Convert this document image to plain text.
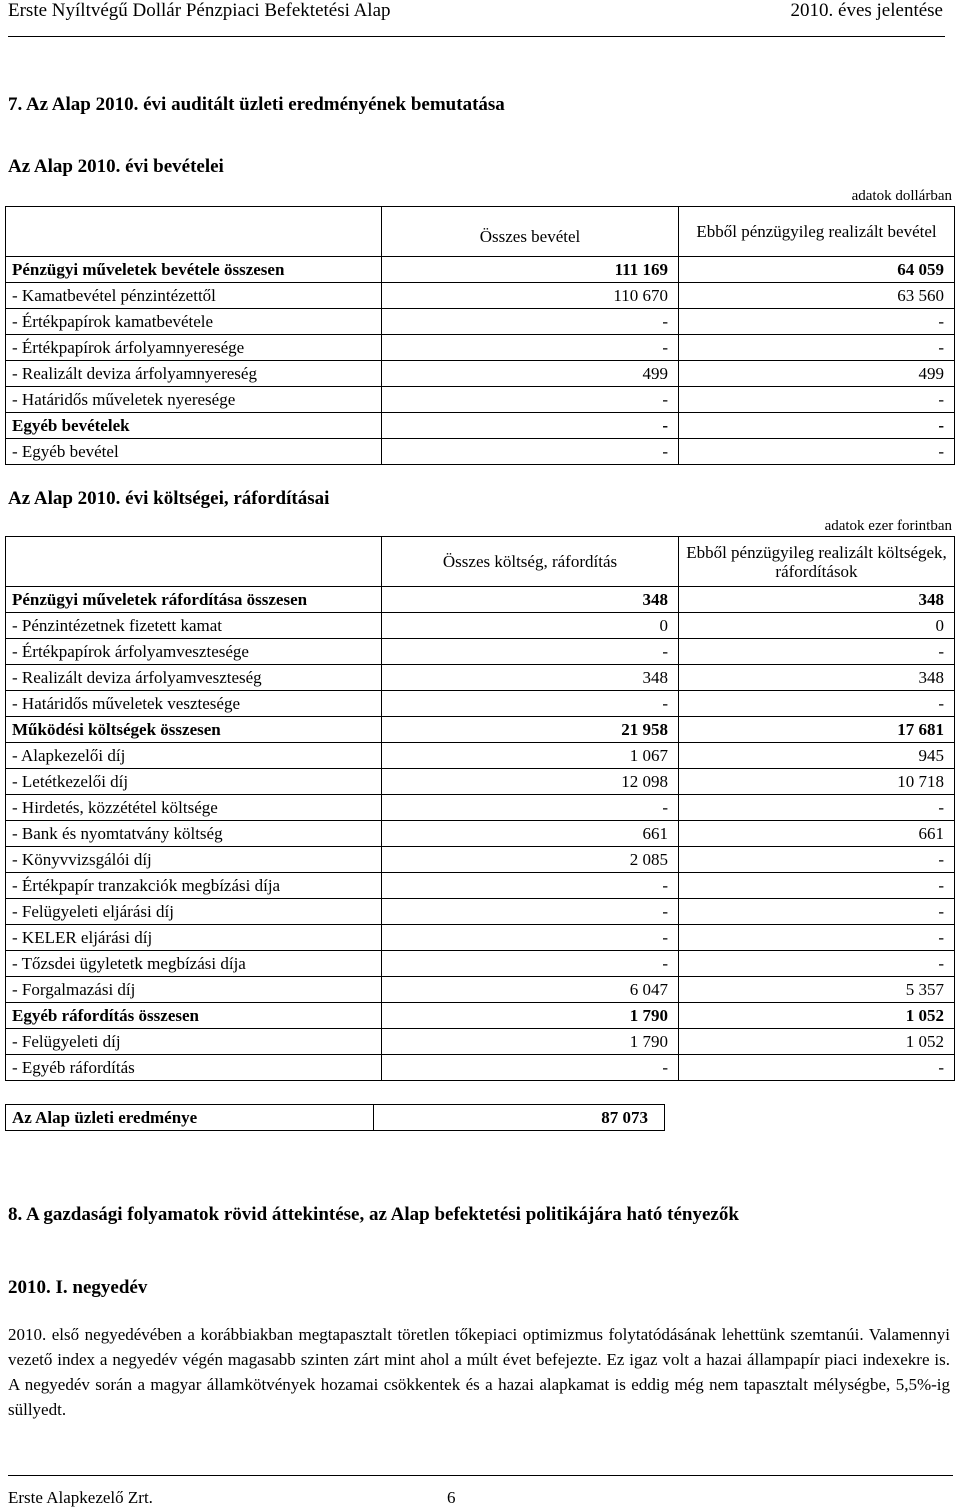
Erste Nyíltvégű Dollár Pénzpiaci Befektetési Alap	2010. éves jelentése
7. Az Alap 2010. évi auditált üzleti eredményének bemutatása
Az Alap 2010. évi bevételei
adatok dollárban
	Összes bevétel	Ebből pénzügyileg realizált bevétel
Pénzügyi műveletek bevétele összesen	111 169	64 059
- Kamatbevétel pénzintézettől	110 670	63 560
- Értékpapírok kamatbevétele	-	-
- Értékpapírok árfolyamnyeresége	-	-
- Realizált deviza árfolyamnyereség	499	499
- Határidős műveletek nyeresége	-	-
Egyéb bevételek	-	-
- Egyéb bevétel	-	-
Az Alap 2010. évi költségei, ráfordításai
adatok ezer forintban
	Összes költség, ráfordítás	Ebből pénzügyileg realizált költségek, ráfordítások
Pénzügyi műveletek ráfordítása összesen	348	348
- Pénzintézetnek fizetett kamat	0	0
- Értékpapírok árfolyamvesztesége	-	-
- Realizált deviza árfolyamveszteség	348	348
- Határidős műveletek vesztesége	-	-
Működési költségek összesen	21 958	17 681
- Alapkezelői díj	1 067	945
- Letétkezelői díj	12 098	10 718
- Hirdetés, közzététel költsége	-	-
- Bank és nyomtatvány költség	661	661
- Könyvvizsgálói díj	2 085	-
- Értékpapír tranzakciók megbízási díja	-	-
- Felügyeleti eljárási díj	-	-
- KELER eljárási díj	-	-
- Tőzsdei ügyletetk megbízási díja	-	-
- Forgalmazási díj	6 047	5 357
Egyéb ráfordítás összesen	1 790	1 052
- Felügyeleti díj	1 790	1 052
- Egyéb ráfordítás	-	-
Az Alap üzleti eredménye	87 073
8. A gazdasági folyamatok rövid áttekintése, az Alap befektetési politikájára ható tényezők
2010. I. negyedév
2010. első negyedévében a korábbiakban megtapasztalt töretlen tőkepiaci optimizmus folytatódásának lehettünk szemtanúi. Valamennyi vezető index a negyedév végén magasabb szinten zárt mint ahol a múlt évet befejezte. Ez igaz volt a hazai állampapír piaci indexekre is. A negyedév során a magyar államkötvények hozamai csökkentek és a hazai alapkamat is eddig még nem tapasztalt mélységbe, 5,5%-ig süllyedt.
Erste Alapkezelő Zrt.	6
